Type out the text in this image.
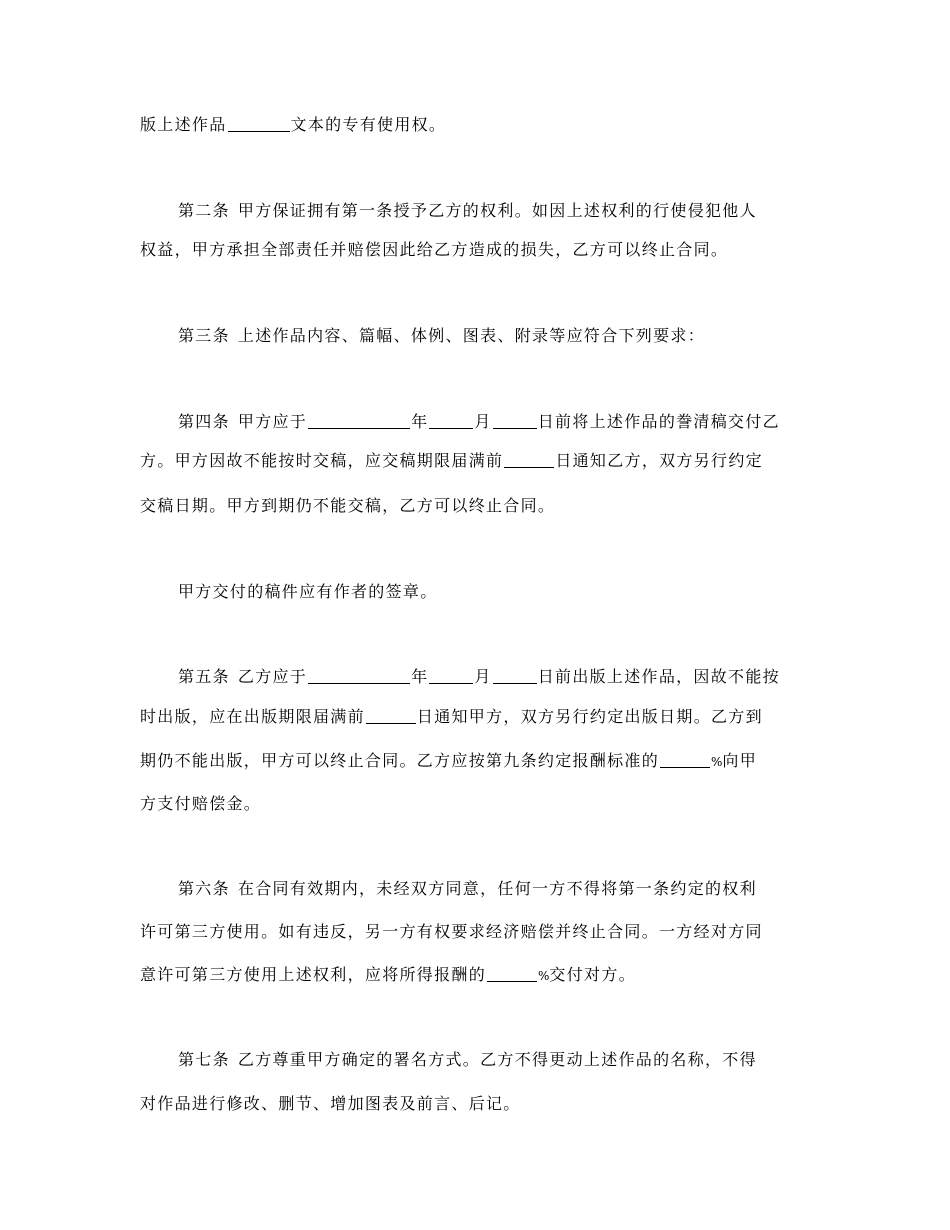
版上述作品	文本的专有使用权。
第二条 甲方保证拥有第一条授予乙方的权利。如因上述权利的行使侵犯他人
权益，甲方承担全部责任并赔偿因此给乙方造成的损失，乙方可以终止合同。
第三条 上述作品内容、篇幅、体例、图表、附录等应符合下列要求：
第四条 甲方应于	年	月	日前将上述作品的誊清稿交付乙
方。甲方因故不能按时交稿，应交稿期限届满前	日通知乙方，双方另行约定
交稿日期。甲方到期仍不能交稿，乙方可以终止合同。
甲方交付的稿件应有作者的签章。
第五条 乙方应于	年	月	日前出版上述作品，因故不能按
时出版，应在出版期限届满前	日通知甲方，双方另行约定出版日期。乙方到
期仍不能出版，甲方可以终止合同。乙方应按第九条约定报酬标准的	%向甲
方支付赔偿金。
第六条 在合同有效期内，未经双方同意，任何一方不得将第一条约定的权利
许可第三方使用。如有违反，另一方有权要求经济赔偿并终止合同。一方经对方同
意许可第三方使用上述权利，应将所得报酬的	%交付对方。
第七条 乙方尊重甲方确定的署名方式。乙方不得更动上述作品的名称，不得
对作品进行修改、删节、增加图表及前言、后记。
